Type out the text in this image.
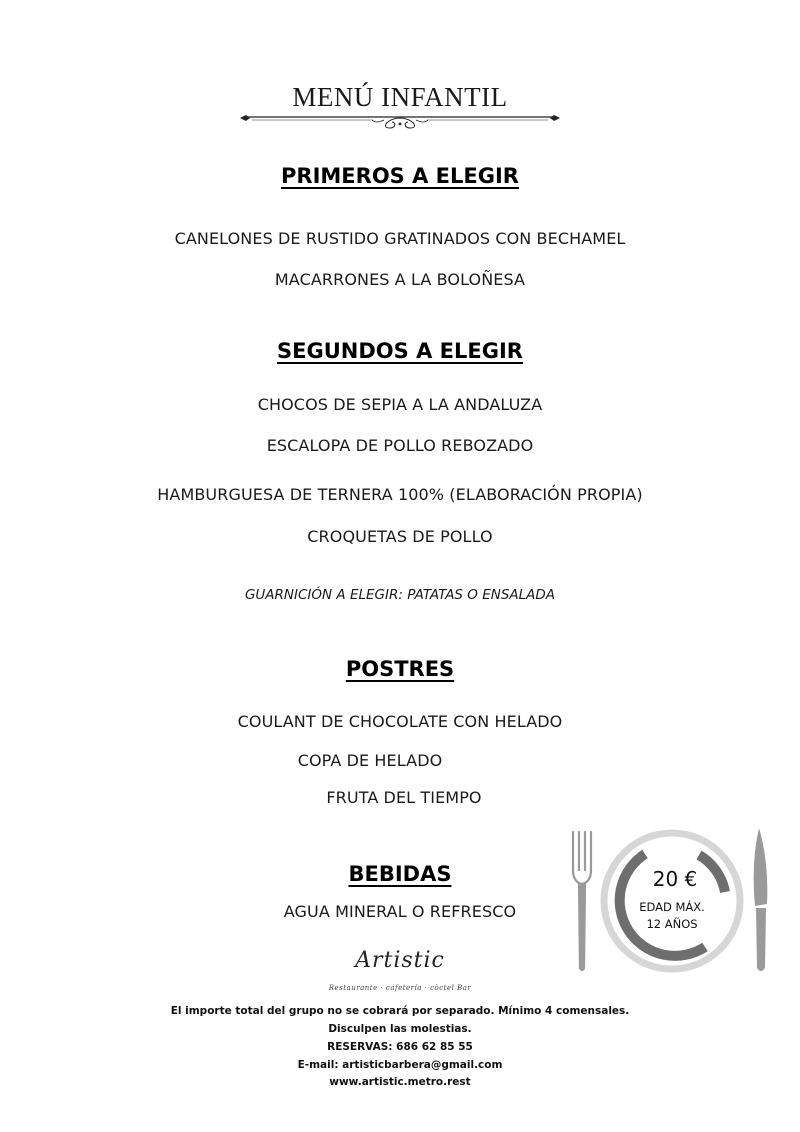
MENÚ INFANTIL
PRIMEROS A ELEGIR
CANELONES DE RUSTIDO GRATINADOS CON BECHAMEL
MACARRONES A LA BOLOÑESA
SEGUNDOS A ELEGIR
CHOCOS DE SEPIA A LA ANDALUZA
ESCALOPA DE POLLO REBOZADO
HAMBURGUESA DE TERNERA 100% (ELABORACIÓN PROPIA)
CROQUETAS DE POLLO
GUARNICIÓN A ELEGIR: PATATAS O ENSALADA
POSTRES
COULANT DE CHOCOLATE CON HELADO
COPA DE HELADO
FRUTA DEL TIEMPO
BEBIDAS
AGUA MINERAL O REFRESCO
20 €
EDAD MÁX.
12 AÑOS
Artistic
Restaurante · cafetería · còctel Bar
El importe total del grupo no se cobrará por separado. Mínimo 4 comensales.
Disculpen las molestias.
RESERVAS: 686 62 85 55
E-mail: artisticbarbera@gmail.com
www.artistic.metro.rest
